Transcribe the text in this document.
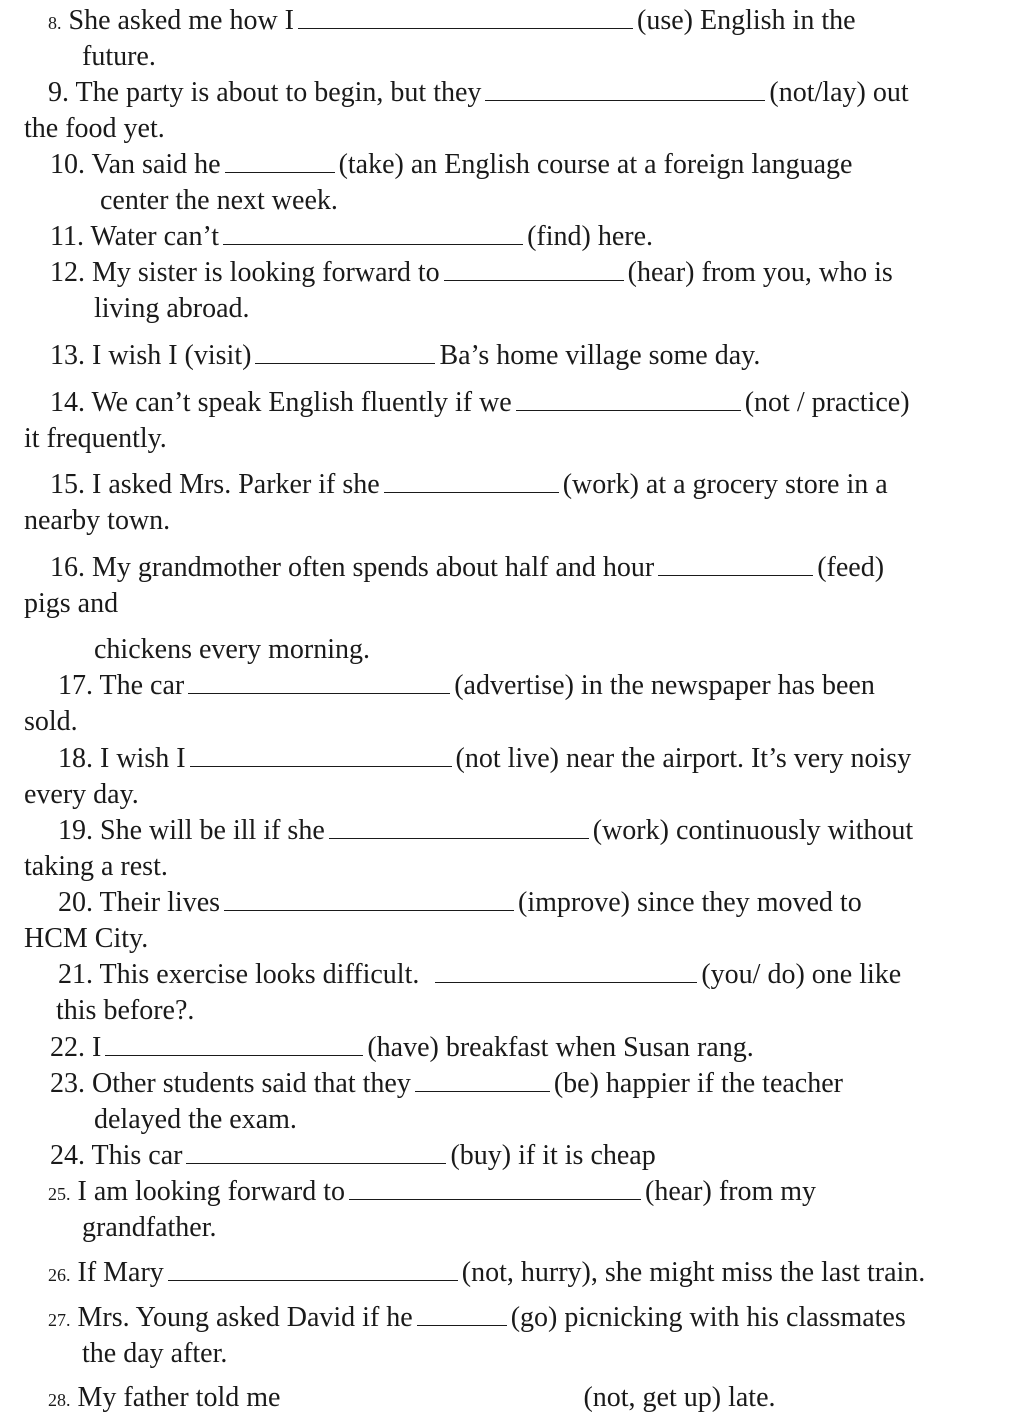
8. She asked me how I	(use) English in the
future.
9. The party is about to begin, but they	(not/lay) out
the food yet.
10. Van said he	(take) an English course at a foreign language
center the next week.
11. Water can’t	(find) here.
12. My sister is looking forward to	(hear) from you, who is
living abroad.
13. I wish I (visit)	Ba’s home village some day.
14. We can’t speak English fluently if we	(not / practice)
it frequently.
15. I asked Mrs. Parker if she	(work) at a grocery store in a
nearby town.
16. My grandmother often spends about half and hour	(feed)
pigs and
chickens every morning.
17. The car	(advertise) in the newspaper has been
sold.
18. I wish I	(not live) near the airport. It’s very noisy
every day.
19. She will be ill if she	(work) continuously without
taking a rest.
20. Their lives	(improve) since they moved to
HCM City.
21. This exercise looks difficult.	(you/ do) one like
this before?.
22. I	(have) breakfast when Susan rang.
23. Other students said that they	(be) happier if the teacher
delayed the exam.
24. This car	(buy) if it is cheap
25. I am looking forward to	(hear) from my
grandfather.
26. If Mary	(not, hurry), she might miss the last train.
27. Mrs. Young asked David if he	(go) picnicking with his classmates
the day after.
28. My father told me	(not, get up) late.
